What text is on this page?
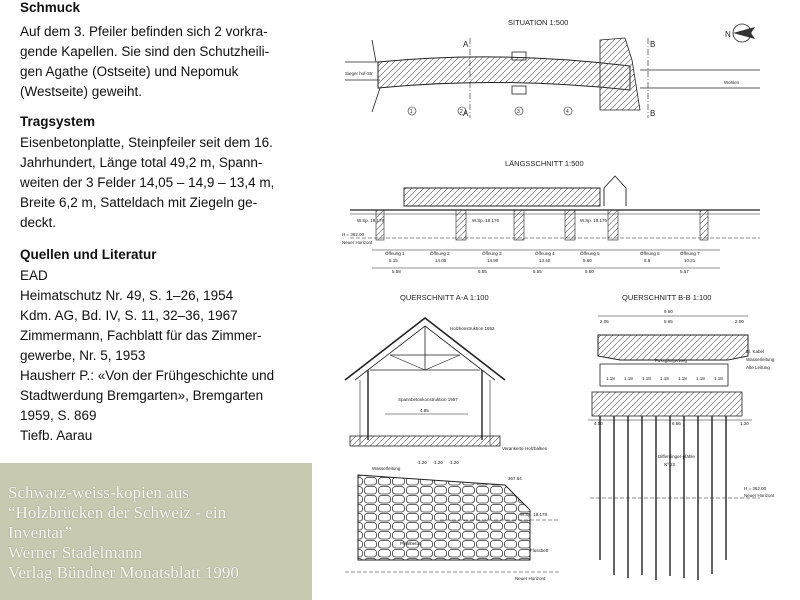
Schmuck
Auf dem 3. Pfeiler befinden sich 2 vorkra-
gende Kapellen. Sie sind den Schutzheili-
gen Agathe (Ostseite) und Nepomuk
(Westseite) geweiht.
Tragsystem
Eisenbetonplatte, Steinpfeiler seit dem 16.
Jahrhundert, Länge total 49,2 m, Spann-
weiten der 3 Felder 14,05 – 14,9 – 13,4 m,
Breite 6,2 m, Satteldach mit Ziegeln ge-
deckt.
Quellen und Literatur
EAD
Heimatschutz Nr. 49, S. 1–26, 1954
Kdm. AG, Bd. IV, S. 11, 32–36, 1967
Zimmermann, Fachblatt für das Zimmer-
gewerbe, Nr. 5, 1953
Hausherr P.: «Von der Frühgeschichte und
Stadtwerdung Bremgarten», Bremgarten
1959, S. 869
Tiefb. Aarau
Schwarz-weiss-kopien aus
“Holzbrücken der Schweiz - ein
Inventar”
Werner Stadelmann
Verlag Bündner Monatsblatt 1990
SITUATION 1:500
N
Sieger hof-Str
Wohlen
A
A
B
B
1	2	3	4
LÄNGSSCHNITT 1:500
W.Sp. 18.178	W.Sp. 18.176	W.Sp. 18.176
H = 362.00
Neuer Horizont
Öffnung 1	Öffnung 2	Öffnung 3	Öffnung 4	Öffnung 5	Öffnung 6	Öffnung 7
5.15	14.05	14.90	13.40	5.60	8.6	10.21
5.58	5.55	5.55	5.60	5.57
QUERSCHNITT A-A 1:100
Holzkonstruktion 1652
Spannbetonkonstruktion 1957
4.85
Verankerte Holzbalken
Wasserleitung
1.20 1.20 1.20
367.64
W.Sp. 18.178
Pfahlbeton
Flussbett
Neuer Horizont
QUERSCHNITT B-B 1:100
9.60
2.05	5.65	2.00
El. Kabel
Wasserleitung
Alte Leitung
Fussgängerweg
1.18 1.18 1.18 1.18 1.18 1.18 1.18
4.50	6.66	1.20
Differdinger-pfähle
Nº 22
H = 362.00
Neuer Horizont
